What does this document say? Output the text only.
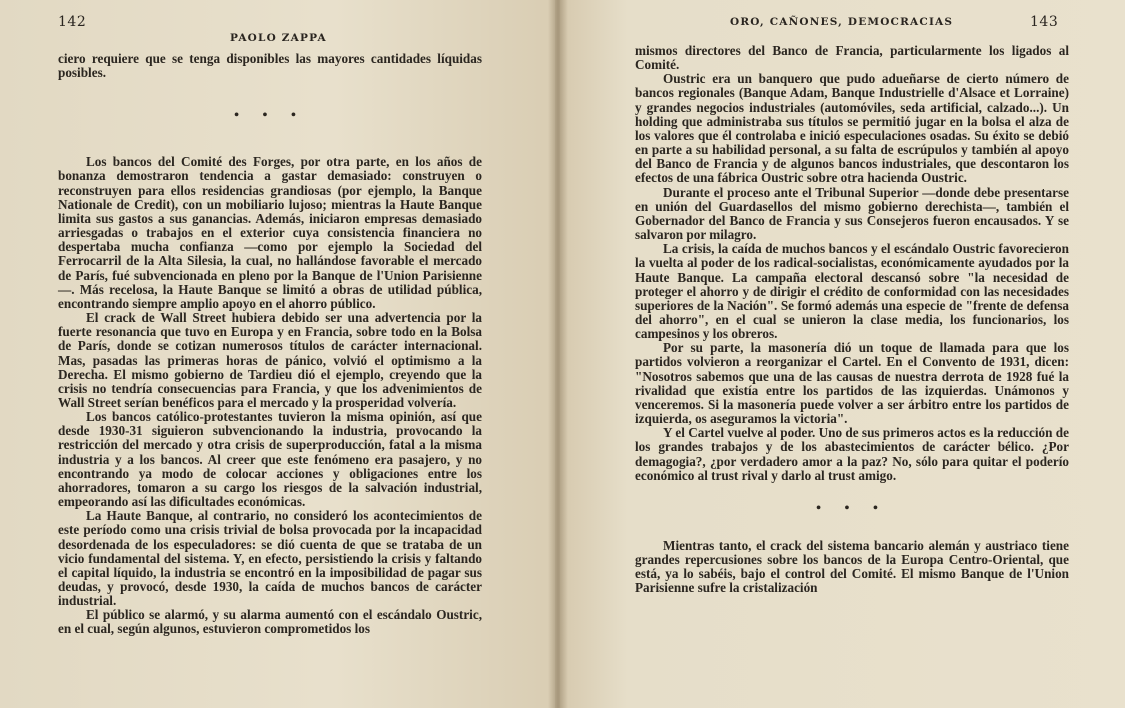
142
PAOLO ZAPPA

ciero requiere que se tenga disponibles las mayores cantidades líquidas posibles.

• • •

Los bancos del Comité des Forges, por otra parte, en los años de bonanza demostraron tendencia a gastar demasiado: construyen o reconstruyen para ellos residencias grandiosas (por ejemplo, la Banque Nationale de Credit), con un mobiliario lujoso; mientras la Haute Banque limita sus gastos a sus ganancias. Además, iniciaron empresas demasiado arriesgadas o trabajos en el exterior cuya consistencia financiera no despertaba mucha confianza —como por ejemplo la Sociedad del Ferrocarril de la Alta Silesia, la cual, no hallándose favorable el mercado de París, fué subvencionada en pleno por la Banque de l'Union Parisienne—. Más recelosa, la Haute Banque se limitó a obras de utilidad pública, encontrando siempre amplio apoyo en el ahorro público.

El crack de Wall Street hubiera debido ser una advertencia por la fuerte resonancia que tuvo en Europa y en Francia, sobre todo en la Bolsa de París, donde se cotizan numerosos títulos de carácter internacional. Mas, pasadas las primeras horas de pánico, volvió el optimismo a la Derecha. El mismo gobierno de Tardieu dió el ejemplo, creyendo que la crisis no tendría consecuencias para Francia, y que los advenimientos de Wall Street serían benéficos para el mercado y la prosperidad volvería.

Los bancos católico-protestantes tuvieron la misma opinión, así que desde 1930-31 siguieron subvencionando la industria, provocando la restricción del mercado y otra crisis de superproducción, fatal a la misma industria y a los bancos. Al creer que este fenómeno era pasajero, y no encontrando ya modo de colocar acciones y obligaciones entre los ahorradores, tomaron a su cargo los riesgos de la salvación industrial, empeorando así las dificultades económicas.

La Haute Banque, al contrario, no consideró los acontecimientos de este período como una crisis trivial de bolsa provocada por la incapacidad desordenada de los especuladores: se dió cuenta de que se trataba de un vicio fundamental del sistema. Y, en efecto, persistiendo la crisis y faltando el capital líquido, la industria se encontró en la imposibilidad de pagar sus deudas, y provocó, desde 1930, la caída de muchos bancos de carácter industrial.

El público se alarmó, y su alarma aumentó con el escándalo Oustric, en el cual, según algunos, estuvieron comprometidos los

ORO, CAÑONES, DEMOCRACIAS	143

mismos directores del Banco de Francia, particularmente los ligados al Comité.

Oustric era un banquero que pudo adueñarse de cierto número de bancos regionales (Banque Adam, Banque Industrielle d'Alsace et Lorraine) y grandes negocios industriales (automóviles, seda artificial, calzado...). Un holding que administraba sus títulos se permitió jugar en la bolsa el alza de los valores que él controlaba e inició especulaciones osadas. Su éxito se debió en parte a su habilidad personal, a su falta de escrúpulos y también al apoyo del Banco de Francia y de algunos bancos industriales, que descontaron los efectos de una fábrica Oustric sobre otra hacienda Oustric.

Durante el proceso ante el Tribunal Superior —donde debe presentarse en unión del Guardasellos del mismo gobierno derechista—, también el Gobernador del Banco de Francia y sus Consejeros fueron encausados. Y se salvaron por milagro.

La crisis, la caída de muchos bancos y el escándalo Oustric favorecieron la vuelta al poder de los radical-socialistas, económicamente ayudados por la Haute Banque. La campaña electoral descansó sobre "la necesidad de proteger el ahorro y de dirigir el crédito de conformidad con las necesidades superiores de la Nación". Se formó además una especie de "frente de defensa del ahorro", en el cual se unieron la clase media, los funcionarios, los campesinos y los obreros.

Por su parte, la masonería dió un toque de llamada para que los partidos volvieron a reorganizar el Cartel. En el Convento de 1931, dicen: "Nosotros sabemos que una de las causas de nuestra derrota de 1928 fué la rivalidad que existía entre los partidos de las izquierdas. Unámonos y venceremos. Si la masonería puede volver a ser árbitro entre los partidos de izquierda, os aseguramos la victoria".

Y el Cartel vuelve al poder. Uno de sus primeros actos es la reducción de los grandes trabajos y de los abastecimientos de carácter bélico. ¿Por demagogia?, ¿por verdadero amor a la paz? No, sólo para quitar el poderío económico al trust rival y darlo al trust amigo.

• • •

Mientras tanto, el crack del sistema bancario alemán y austriaco tiene grandes repercusiones sobre los bancos de la Europa Centro-Oriental, que está, ya lo sabéis, bajo el control del Comité. El mismo Banque de l'Union Parisienne sufre la cristalización
